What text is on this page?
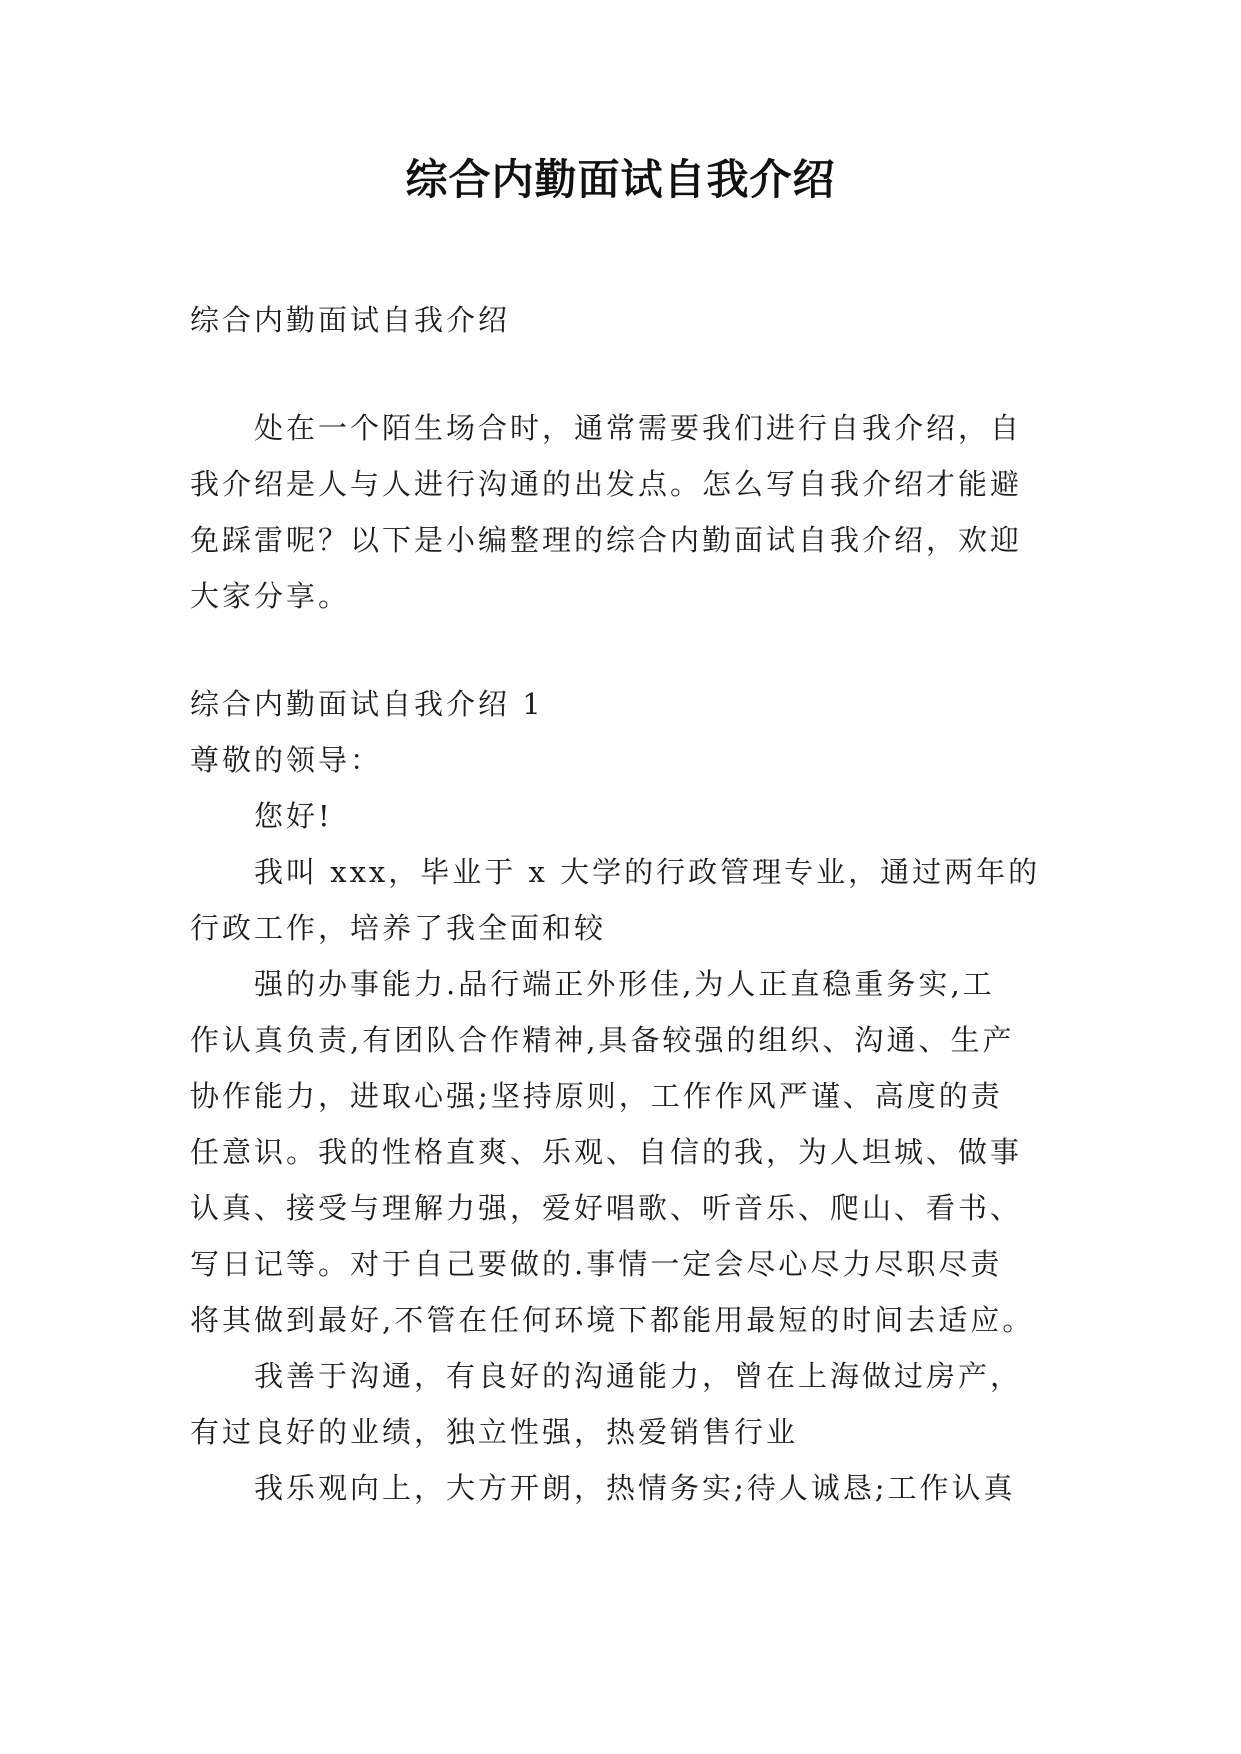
综合内勤面试自我介绍

综合内勤面试自我介绍

处在一个陌生场合时，通常需要我们进行自我介绍，自

我介绍是人与人进行沟通的出发点。怎么写自我介绍才能避

免踩雷呢？以下是小编整理的综合内勤面试自我介绍，欢迎

大家分享。

综合内勤面试自我介绍 1

尊敬的领导：

您好!

我叫 xxx，毕业于 x 大学的行政管理专业，通过两年的

行政工作，培养了我全面和较

强的办事能力.品行端正外形佳,为人正直稳重务实,工

作认真负责,有团队合作精神,具备较强的组织、沟通、生产

协作能力，进取心强;坚持原则，工作作风严谨、高度的责

任意识。我的性格直爽、乐观、自信的我，为人坦城、做事

认真、接受与理解力强，爱好唱歌、听音乐、爬山、看书、

写日记等。对于自己要做的.事情一定会尽心尽力尽职尽责

将其做到最好,不管在任何环境下都能用最短的时间去适应。

我善于沟通，有良好的沟通能力，曾在上海做过房产，

有过良好的业绩，独立性强，热爱销售行业

我乐观向上，大方开朗，热情务实;待人诚恳;工作认真
